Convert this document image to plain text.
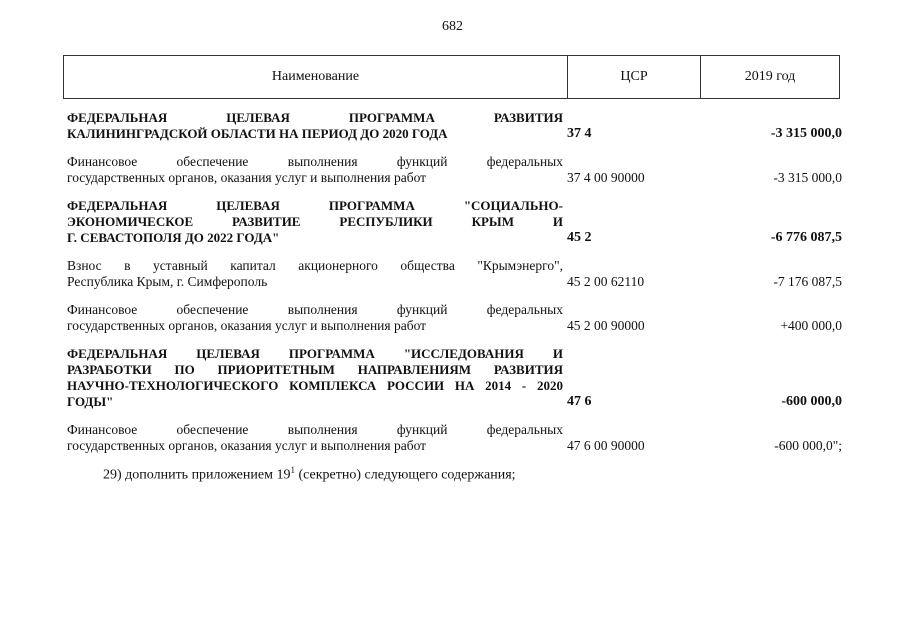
682
Наименование	ЦСР	2019 год
ФЕДЕРАЛЬНАЯ ЦЕЛЕВАЯ ПРОГРАММА РАЗВИТИЯ
КАЛИНИНГРАДСКОЙ ОБЛАСТИ НА ПЕРИОД ДО 2020 ГОДА	37 4	-3 315 000,0
Финансовое обеспечение выполнения функций федеральных
государственных органов, оказания услуг и выполнения работ	37 4 00 90000	-3 315 000,0
ФЕДЕРАЛЬНАЯ ЦЕЛЕВАЯ ПРОГРАММА "СОЦИАЛЬНО-
ЭКОНОМИЧЕСКОЕ РАЗВИТИЕ РЕСПУБЛИКИ КРЫМ И
Г. СЕВАСТОПОЛЯ ДО 2022 ГОДА"	45 2	-6 776 087,5
Взнос в уставный капитал акционерного общества "Крымэнерго",
Республика Крым, г. Симферополь	45 2 00 62110	-7 176 087,5
Финансовое обеспечение выполнения функций федеральных
государственных органов, оказания услуг и выполнения работ	45 2 00 90000	+400 000,0
ФЕДЕРАЛЬНАЯ ЦЕЛЕВАЯ ПРОГРАММА "ИССЛЕДОВАНИЯ И
РАЗРАБОТКИ ПО ПРИОРИТЕТНЫМ НАПРАВЛЕНИЯМ РАЗВИТИЯ
НАУЧНО-ТЕХНОЛОГИЧЕСКОГО КОМПЛЕКСА РОССИИ НА 2014 - 2020
ГОДЫ"	47 6	-600 000,0
Финансовое обеспечение выполнения функций федеральных
государственных органов, оказания услуг и выполнения работ	47 6 00 90000	-600 000,0";
29) дополнить приложением $19^1$ (секретно) следующего содержания;
